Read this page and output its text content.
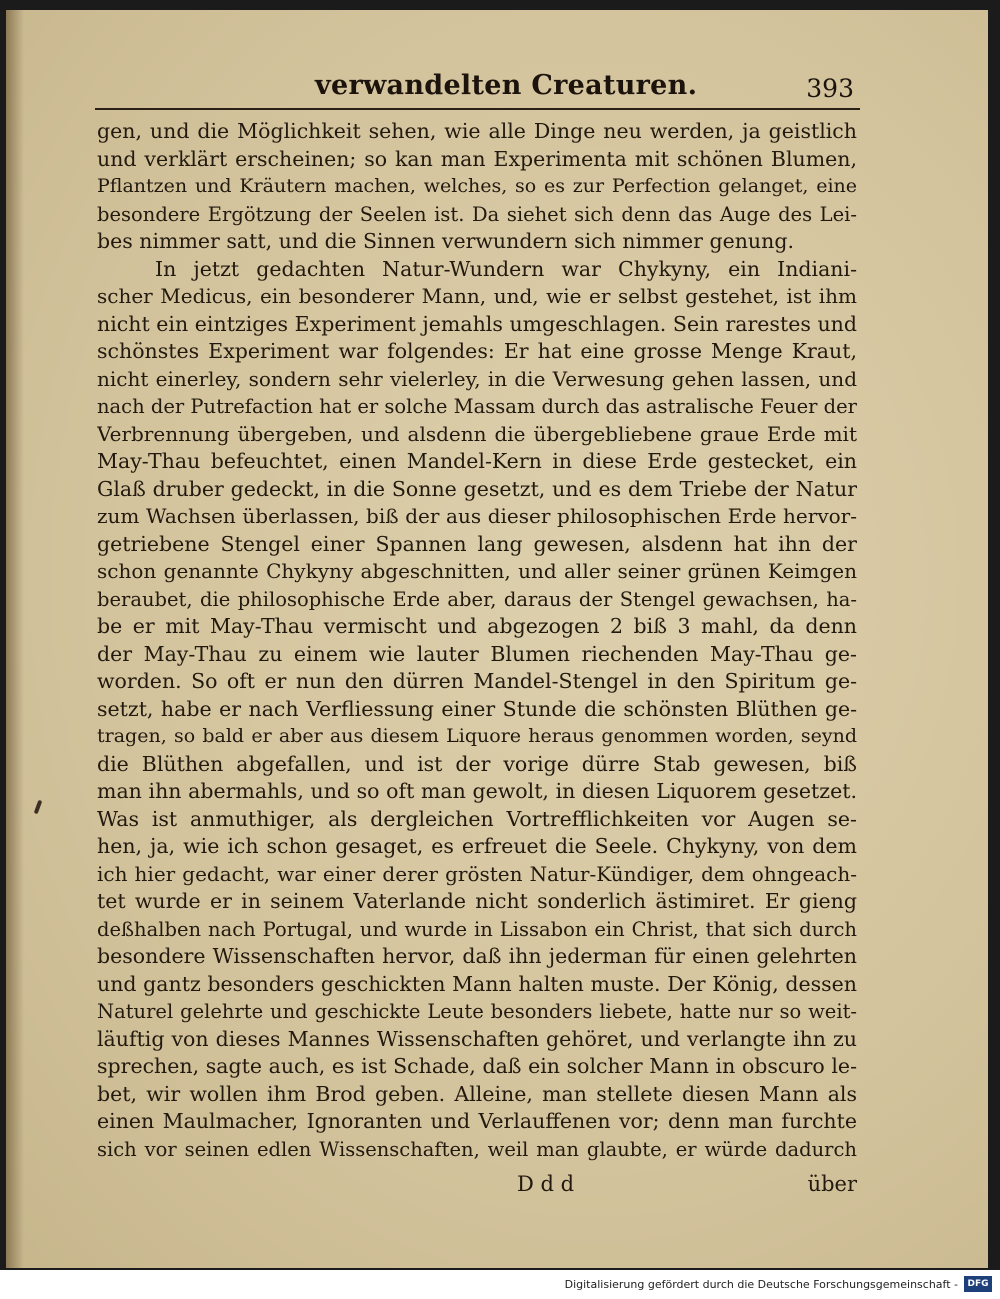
verwandelten Creaturen.	393
gen, und die Möglichkeit sehen, wie alle Dinge neu werden, ja geistlich
und verklärt erscheinen; so kan man Experimenta mit schönen Blumen,
Pflantzen und Kräutern machen, welches, so es zur Perfection gelanget, eine
besondere Ergötzung der Seelen ist. Da siehet sich denn das Auge des Lei-
bes nimmer satt, und die Sinnen verwundern sich nimmer genung.
In jetzt gedachten Natur-Wundern war Chykyny, ein Indiani-
scher Medicus, ein besonderer Mann, und, wie er selbst gestehet, ist ihm
nicht ein eintziges Experiment jemahls umgeschlagen. Sein rarestes und
schönstes Experiment war folgendes: Er hat eine grosse Menge Kraut,
nicht einerley, sondern sehr vielerley, in die Verwesung gehen lassen, und
nach der Putrefaction hat er solche Massam durch das astralische Feuer der
Verbrennung übergeben, und alsdenn die übergebliebene graue Erde mit
May-Thau befeuchtet, einen Mandel-Kern in diese Erde gestecket, ein
Glaß druber gedeckt, in die Sonne gesetzt, und es dem Triebe der Natur
zum Wachsen überlassen, biß der aus dieser philosophischen Erde hervor-
getriebene Stengel einer Spannen lang gewesen, alsdenn hat ihn der
schon genannte Chykyny abgeschnitten, und aller seiner grünen Keimgen
beraubet, die philosophische Erde aber, daraus der Stengel gewachsen, ha-
be er mit May-Thau vermischt und abgezogen 2 biß 3 mahl, da denn
der May-Thau zu einem wie lauter Blumen riechenden May-Thau ge-
worden. So oft er nun den dürren Mandel-Stengel in den Spiritum ge-
setzt, habe er nach Verfliessung einer Stunde die schönsten Blüthen ge-
tragen, so bald er aber aus diesem Liquore heraus genommen worden, seynd
die Blüthen abgefallen, und ist der vorige dürre Stab gewesen, biß
man ihn abermahls, und so oft man gewolt, in diesen Liquorem gesetzet.
Was ist anmuthiger, als dergleichen Vortrefflichkeiten vor Augen se-
hen, ja, wie ich schon gesaget, es erfreuet die Seele. Chykyny, von dem
ich hier gedacht, war einer derer grösten Natur-Kündiger, dem ohngeach-
tet wurde er in seinem Vaterlande nicht sonderlich ästimiret. Er gieng
deßhalben nach Portugal, und wurde in Lissabon ein Christ, that sich durch
besondere Wissenschaften hervor, daß ihn jederman für einen gelehrten
und gantz besonders geschickten Mann halten muste. Der König, dessen
Naturel gelehrte und geschickte Leute besonders liebete, hatte nur so weit-
läuftig von dieses Mannes Wissenschaften gehöret, und verlangte ihn zu
sprechen, sagte auch, es ist Schade, daß ein solcher Mann in obscuro le-
bet, wir wollen ihm Brod geben. Alleine, man stellete diesen Mann als
einen Maulmacher, Ignoranten und Verlauffenen vor; denn man furchte
sich vor seinen edlen Wissenschaften, weil man glaubte, er würde dadurch
D d d	über
Digitalisierung gefördert durch die Deutsche Forschungsgemeinschaft -	DFG
